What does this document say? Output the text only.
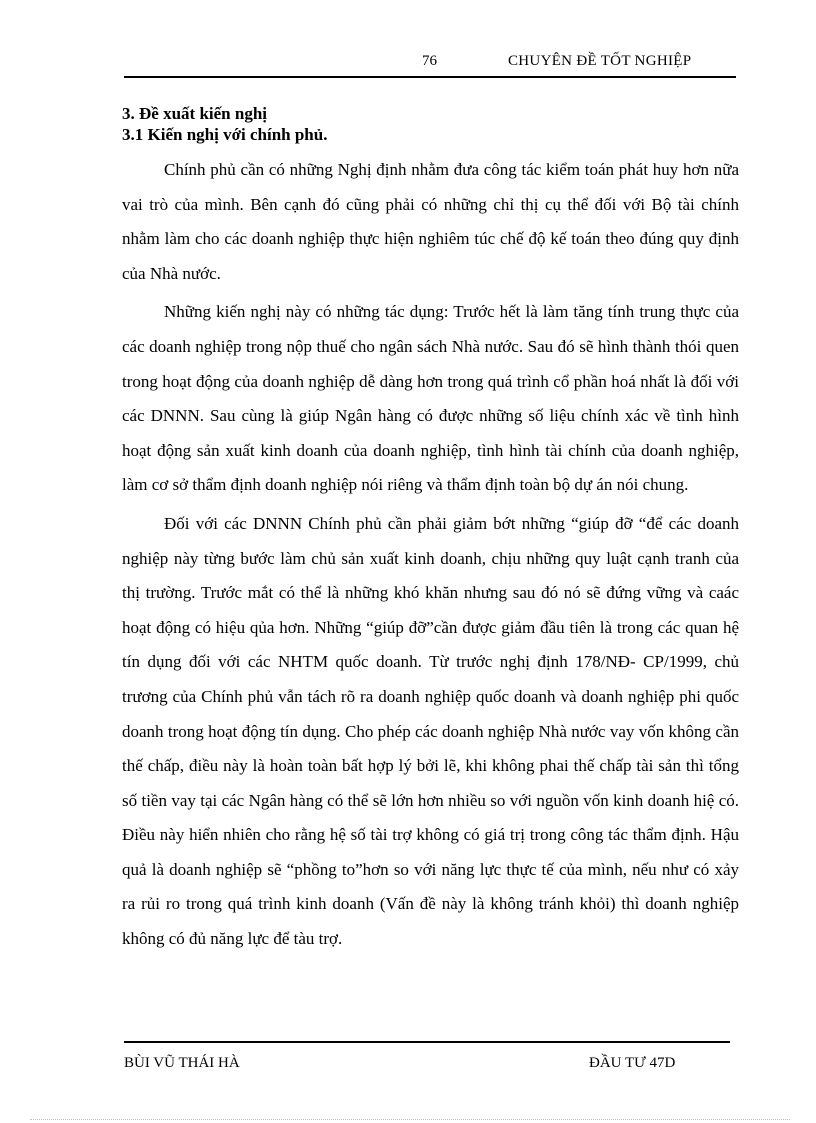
76	CHUYÊN ĐỀ TỐT NGHIỆP

3. Đề xuất kiến nghị

3.1 Kiến nghị với chính phủ.

Chính phủ cần có những Nghị định nhằm đưa công tác kiểm toán phát huy hơn nữa vai trò của mình. Bên cạnh đó cũng phải có những chỉ thị cụ thể đối với Bộ tài chính nhằm làm cho các doanh nghiệp thực hiện nghiêm túc chế độ kế toán theo đúng quy định của Nhà nước.

Những kiến nghị này có những tác dụng: Trước hết là làm tăng tính trung thực của các doanh nghiệp trong nộp thuế cho ngân sách Nhà nước. Sau đó sẽ hình thành thói quen trong hoạt động của doanh nghiệp dễ dàng hơn trong quá trình cổ phần hoá nhất là đối với các DNNN. Sau cùng là giúp Ngân hàng có được những số liệu chính xác về tình hình hoạt động sản xuất kinh doanh của doanh nghiệp, tình hình tài chính của doanh nghiệp, làm cơ sở thẩm định doanh nghiệp nói riêng và thẩm định toàn bộ dự án nói chung.

Đối với các DNNN Chính phủ cần phải giảm bớt những “giúp đỡ “để các doanh nghiệp này từng bước làm chủ sản xuất kinh doanh, chịu những quy luật cạnh tranh của thị trường. Trước mắt có thể là những khó khăn nhưng sau đó nó sẽ đứng vững và caác hoạt động có hiệu qủa hơn. Những “giúp đỡ”cần được giảm đầu tiên là trong các quan hệ tín dụng đối với các NHTM quốc doanh. Từ trước nghị định 178/NĐ- CP/1999, chủ trương của Chính phủ vẫn tách rõ ra doanh nghiệp quốc doanh và doanh nghiệp phi quốc doanh trong hoạt động tín dụng. Cho phép các doanh nghiệp Nhà nước vay vốn không cần thế chấp, điều này là hoàn toàn bất hợp lý bởi lẽ, khi không phai thế chấp tài sản thì tổng số tiền vay tại các Ngân hàng có thể sẽ lớn hơn nhiều so với nguồn vốn kinh doanh hiệ có. Điều này hiển nhiên cho rằng hệ số tài trợ không có giá trị trong công tác thẩm định. Hậu quả là doanh nghiệp sẽ “phồng to”hơn so với năng lực thực tế của mình, nếu như có xảy ra rủi ro trong quá trình kinh doanh (Vấn đề này là không tránh khỏi) thì doanh nghiệp không có đủ năng lực để tàu trợ.

BÙI VŨ THÁI HÀ	ĐẦU TƯ 47D
